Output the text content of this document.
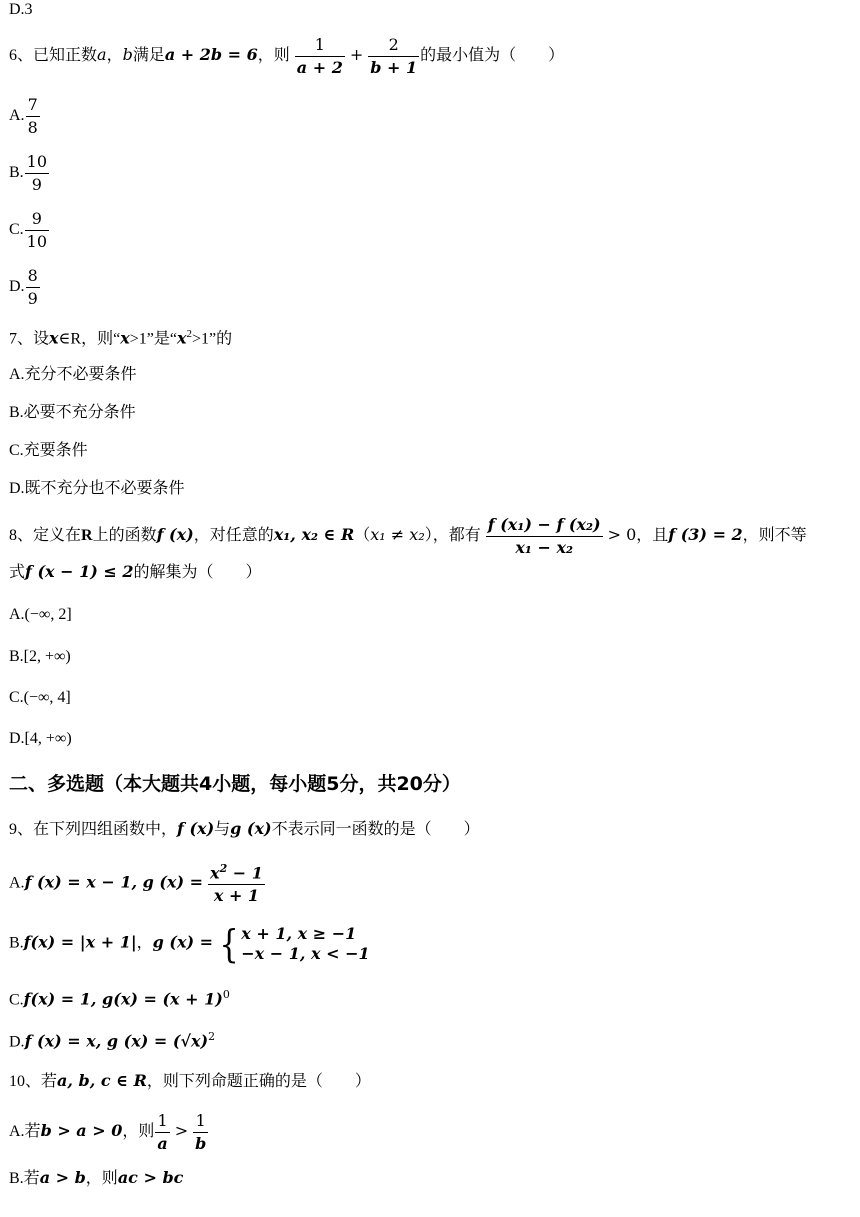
D.3
6、已知正数a，b满足a + 2b = 6，则 $\frac{1}{a + 2} + \frac{2}{b + 1}$ 的最小值为（　　）
A. $\frac{7}{8}$
B. $\frac{10}{9}$
C. $\frac{9}{10}$
D. $\frac{8}{9}$
7、设x∈R，则“x>1”是“$x^2>1$”的
A.充分不必要条件
B.必要不充分条件
C.充要条件
D.既不充分也不必要条件
8、定义在R上的函数f (x)，对任意的x₁, x₂ ∈ R（x₁ ≠ x₂），都有 $\frac{\text{f (x₁) − f (x₂)}}{\text{x₁ − x₂}} > 0$，且f (3) = 2，则不等
式f (x − 1) ≤ 2的解集为（　　）
A.(−∞, 2]
B.[2, +∞)
C.(−∞, 4]
D.[4, +∞)
二、多选题（本大题共4小题，每小题5分，共20分）
9、在下列四组函数中，f (x)与g (x)不表示同一函数的是（　　）
A.f (x) = x − 1, g $(x) = \frac{x^2 - 1}{x + 1}$
B.f(x) = |x + 1|，g (x) = { x + 1, x ≥ −1
−x − 1, x < −1
C.f(x) = 1, $g(x) = (x + 1)^0$
D.f (x) = x, g $(x) = (√x)^2$
10、若a, b, c ∈ R，则下列命题正确的是（　　）
A.若b > a > 0，则 $\frac{1}{a} > \frac{1}{b}$
B.若a > b，则ac > bc
